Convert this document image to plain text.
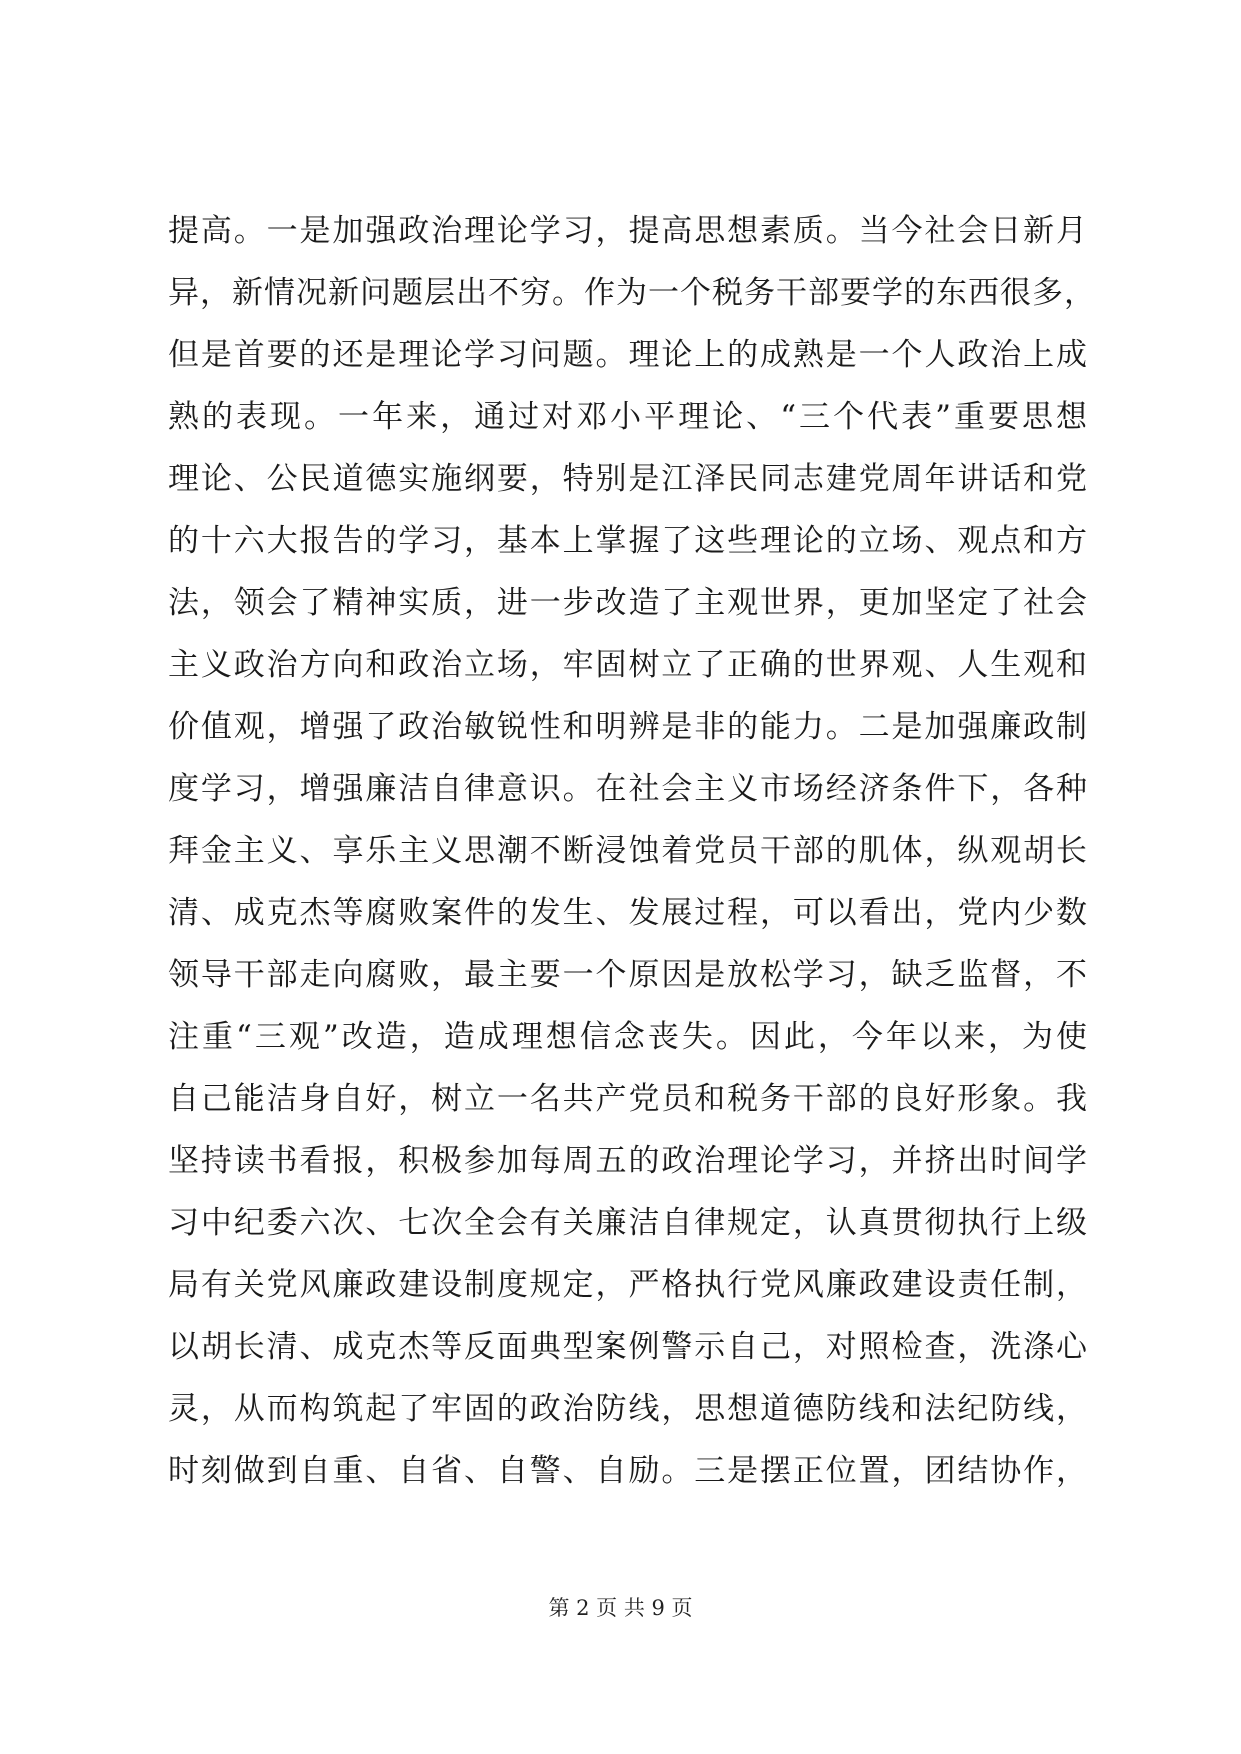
提高。一是加强政治理论学习，提高思想素质。当今社会日新月
异，新情况新问题层出不穷。作为一个税务干部要学的东西很多，
但是首要的还是理论学习问题。理论上的成熟是一个人政治上成
熟的表现。一年来，通过对邓小平理论、“三个代表”重要思想
理论、公民道德实施纲要，特别是江泽民同志建党周年讲话和党
的十六大报告的学习，基本上掌握了这些理论的立场、观点和方
法，领会了精神实质，进一步改造了主观世界，更加坚定了社会
主义政治方向和政治立场，牢固树立了正确的世界观、人生观和
价值观，增强了政治敏锐性和明辨是非的能力。二是加强廉政制
度学习，增强廉洁自律意识。在社会主义市场经济条件下，各种
拜金主义、享乐主义思潮不断浸蚀着党员干部的肌体，纵观胡长
清、成克杰等腐败案件的发生、发展过程，可以看出，党内少数
领导干部走向腐败，最主要一个原因是放松学习，缺乏监督，不
注重“三观”改造，造成理想信念丧失。因此，今年以来，为使
自己能洁身自好，树立一名共产党员和税务干部的良好形象。我
坚持读书看报，积极参加每周五的政治理论学习，并挤出时间学
习中纪委六次、七次全会有关廉洁自律规定，认真贯彻执行上级
局有关党风廉政建设制度规定，严格执行党风廉政建设责任制，
以胡长清、成克杰等反面典型案例警示自己，对照检查，洗涤心
灵，从而构筑起了牢固的政治防线，思想道德防线和法纪防线，
时刻做到自重、自省、自警、自励。三是摆正位置，团结协作，
第 2 页 共 9 页
